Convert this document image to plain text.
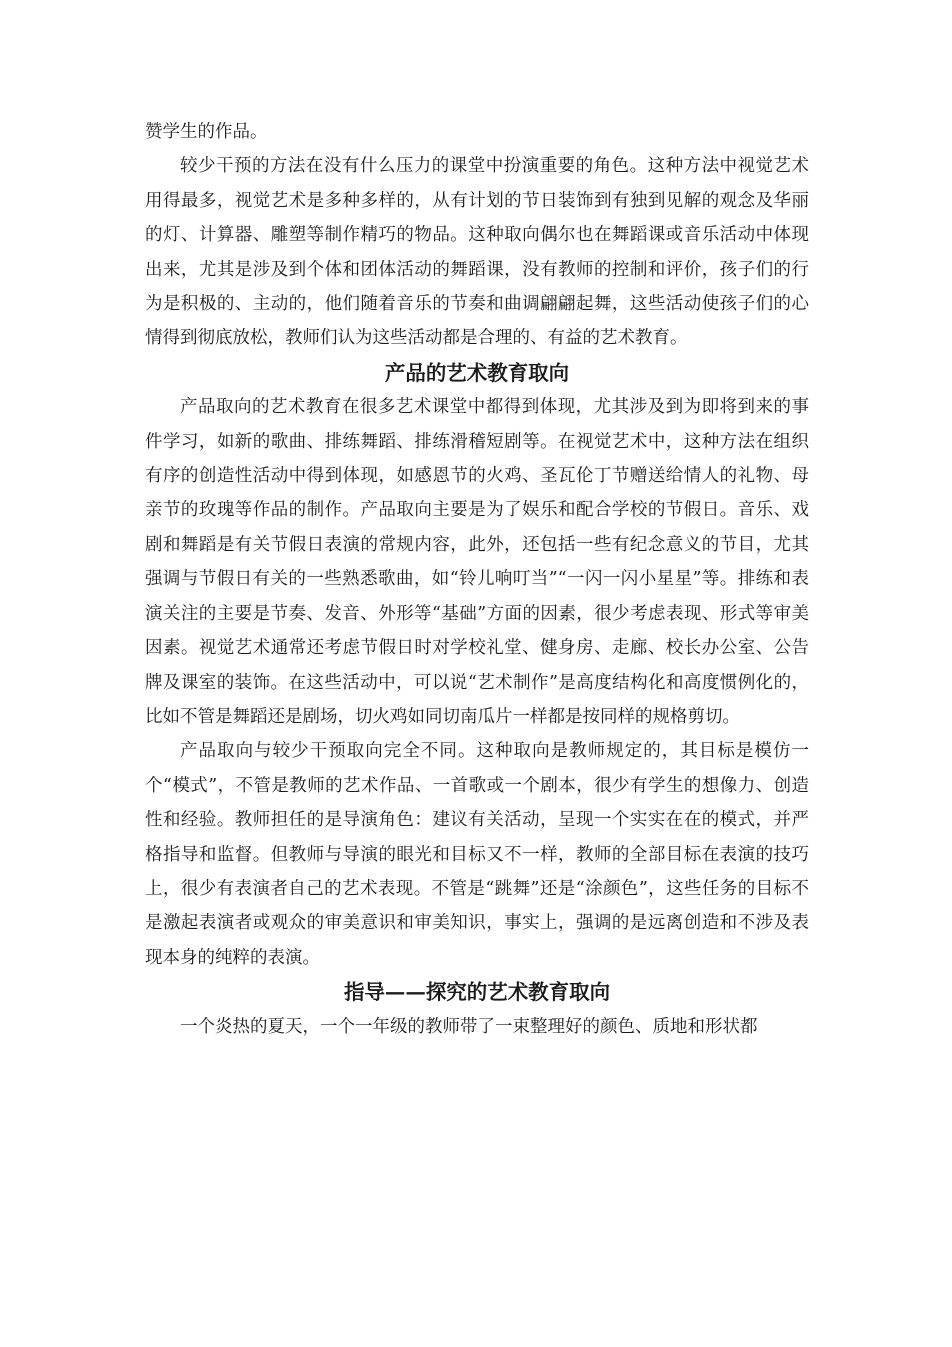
赞学生的作品。

较少干预的方法在没有什么压力的课堂中扮演重要的角色。这种方法中视觉艺术用得最多，视觉艺术是多种多样的，从有计划的节日装饰到有独到见解的观念及华丽的灯、计算器、雕塑等制作精巧的物品。这种取向偶尔也在舞蹈课或音乐活动中体现出来，尤其是涉及到个体和团体活动的舞蹈课，没有教师的控制和评价，孩子们的行为是积极的、主动的，他们随着音乐的节奏和曲调翩翩起舞，这些活动使孩子们的心情得到彻底放松，教师们认为这些活动都是合理的、有益的艺术教育。

产品的艺术教育取向

产品取向的艺术教育在很多艺术课堂中都得到体现，尤其涉及到为即将到来的事件学习，如新的歌曲、排练舞蹈、排练滑稽短剧等。在视觉艺术中，这种方法在组织有序的创造性活动中得到体现，如感恩节的火鸡、圣瓦伦丁节赠送给情人的礼物、母亲节的玫瑰等作品的制作。产品取向主要是为了娱乐和配合学校的节假日。音乐、戏剧和舞蹈是有关节假日表演的常规内容，此外，还包括一些有纪念意义的节目，尤其强调与节假日有关的一些熟悉歌曲，如“铃儿响叮当”“一闪一闪小星星”等。排练和表演关注的主要是节奏、发音、外形等“基础”方面的因素，很少考虑表现、形式等审美因素。视觉艺术通常还考虑节假日时对学校礼堂、健身房、走廊、校长办公室、公告牌及课室的装饰。在这些活动中，可以说“艺术制作”是高度结构化和高度惯例化的，比如不管是舞蹈还是剧场，切火鸡如同切南瓜片一样都是按同样的规格剪切。

产品取向与较少干预取向完全不同。这种取向是教师规定的，其目标是模仿一个“模式”，不管是教师的艺术作品、一首歌或一个剧本，很少有学生的想像力、创造性和经验。教师担任的是导演角色：建议有关活动，呈现一个实实在在的模式，并严格指导和监督。但教师与导演的眼光和目标又不一样，教师的全部目标在表演的技巧上，很少有表演者自己的艺术表现。不管是“跳舞”还是“涂颜色”，这些任务的目标不是激起表演者或观众的审美意识和审美知识，事实上，强调的是远离创造和不涉及表现本身的纯粹的表演。

指导——探究的艺术教育取向

一个炎热的夏天，一个一年级的教师带了一束整理好的颜色、质地和形状都
